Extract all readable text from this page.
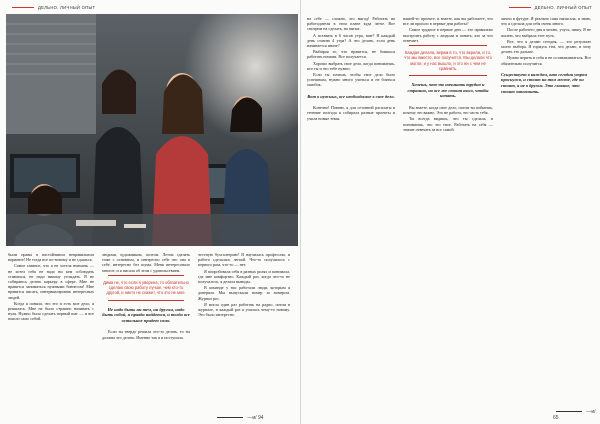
ДЕЛЬНО. ЛИЧНЫЙ ОПЫТ

были правы в настойчивом неправильном варианте! Не тогда все по-новому и не сдашься.

Самое главное, что я не хотела вмешать — не хотел себя не надо ни кем соблюдать ставиться, не надо никому угождать. Я не собираюсь делать карьеру в сфере. Мне не нравится заниматься нужными бизнесом! Мне нравится писать, интервьюировать интересных людей.

Когда я поняла, что это и есть мое дело, я решилась. Мне не было страшно начинать с нуля. Нужно было сделать первый шаг — и все пошло само собой.

людьми, художником, поэтом. Летом сделать тоже с основном, и интересно себе что она в себе, интересно без шума. Меня интересовало многое, и я писала об этом с удовольствием.

Дима не, что если я уверена, то обязательно сделаю свою работу лучше, чем кто-то другой, и никто не скажет, что это не мое.
Не надо быть ни тем, ни другим, надо быть собой, и правда найдется, и тогда все остальное придет само.

Если ты твердо решила что-то делать, то ты должна это делать. Именно так я и поступила.

честную бухгалтерию! Я научилась профессии, и работа сделалась легкой. Что-то получилось с первого раза, что-то — нет.

Я попробовала себя в разных ролях и понимала, где мне комфортно. Каждый раз, когда что-то не получалось, я делала выводы.

В команде у нас работали люди, которым я доверяла. Мы выпускали номер за номером. Журнал рос.

Я могла один раз работать на радио, потом в журнале, и каждый раз я училась чему-то новому. Это было интересно.

—и/ 94
ДЕЛЬНО. ЛИЧНЫЙ ОПЫТ

на себе — сложно, это выгод! Работать на работодателя в этом плане куда легче. Вот смотрим на сделать, на пятых.

А вставать в 6 часов утра, мне? Я каждый день ставлю 4 утра? А что делать, если день начинается иначе?

Выбирая то, что нравится, не боишься работать ночами. Все получается.

Хорошо выбрать свое дело, когда понимаешь, кто ты и что тебе нужно.

Если ты хочешь, чтобы твое дело было успешным, нужно много учиться и не бояться ошибок.

Вот в нужных, все необходимое в свое дело.

Конечно! Помню, я для сезонной расплаты в течение полгода я собирала разные проекты и учила новые темы.

нашей-то проекте, и знаете, как вы работаете, что все ли прошло в первые дни работы?

Самое трудное в первые дни — это правильно выстроить работу с людьми и понять, кто за что отвечает.

Каждая делала, верим в то, что верили, и то, что мы вместе, все получится. Мы делали что могли, и у нас вышло, и это ни с чем не сравнить.
Хочешь, что-то начинать трудно и страшно, но все же стоит того, чтобы начать.

Вы знаете, когда свое дело, потом ты поймешь, почему это важно. Это не работа, это часть тебя.

Ты всегда видишь, что ты сделала, и понимаешь, что это твое. Работать на себя — значит отвечать за все самой.

лично в футуре. Я реально сама написала, и знаю, что я сделала для себя очень много.

После рабочего дня я читаю, учусь, пишу. Я не жалею, что выбрала этот путь.

Все, что я делаю сегодня, — это результат моего выбора. Я горжусь тем, что делаю, и хочу делать это дальше.

Нужно верить в себя и не останавливаться. Все обязательно получится.

Существует в каждом, кто сегодня утром проснулся, и стоит на том месте, где он стоит, а не в другом. Это главное, что стоит запомнить.
—и/ 65
